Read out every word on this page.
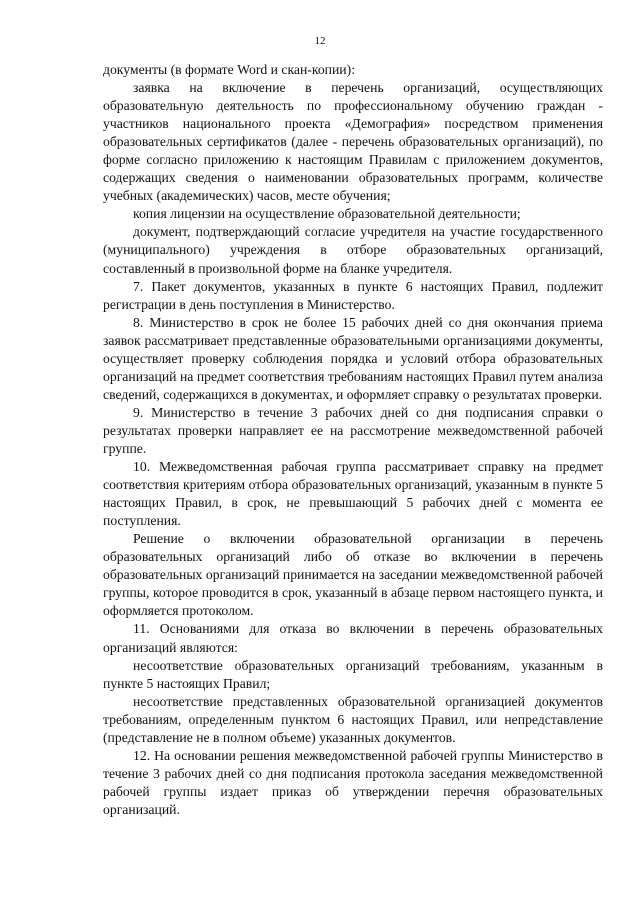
12

документы (в формате Word и скан-копии):

заявка на включение в перечень организаций, осуществляющих образовательную деятельность по профессиональному обучению граждан - участников национального проекта «Демография» посредством применения образовательных сертификатов (далее - перечень образовательных организаций), по форме согласно приложению к настоящим Правилам с приложением документов, содержащих сведения о наименовании образовательных программ, количестве учебных (академических) часов, месте обучения;

копия лицензии на осуществление образовательной деятельности;

документ, подтверждающий согласие учредителя на участие государственного (муниципального) учреждения в отборе образовательных организаций, составленный в произвольной форме на бланке учредителя.

7. Пакет документов, указанных в пункте 6 настоящих Правил, подлежит регистрации в день поступления в Министерство.

8. Министерство в срок не более 15 рабочих дней со дня окончания приема заявок рассматривает представленные образовательными организациями документы, осуществляет проверку соблюдения порядка и условий отбора образовательных организаций на предмет соответствия требованиям настоящих Правил путем анализа сведений, содержащихся в документах, и оформляет справку о результатах проверки.

9. Министерство в течение 3 рабочих дней со дня подписания справки о результатах проверки направляет ее на рассмотрение межведомственной рабочей группе.

10. Межведомственная рабочая группа рассматривает справку на предмет соответствия критериям отбора образовательных организаций, указанным в пункте 5 настоящих Правил, в срок, не превышающий 5 рабочих дней с момента ее поступления.

Решение о включении образовательной организации в перечень образовательных организаций либо об отказе во включении в перечень образовательных организаций принимается на заседании межведомственной рабочей группы, которое проводится в срок, указанный в абзаце первом настоящего пункта, и оформляется протоколом.

11. Основаниями для отказа во включении в перечень образовательных организаций являются:

несоответствие образовательных организаций требованиям, указанным в пункте 5 настоящих Правил;

несоответствие представленных образовательной организацией документов требованиям, определенным пунктом 6 настоящих Правил, или непредставление (представление не в полном объеме) указанных документов.

12. На основании решения межведомственной рабочей группы Министерство в течение 3 рабочих дней со дня подписания протокола заседания межведомственной рабочей группы издает приказ об утверждении перечня образовательных организаций.
